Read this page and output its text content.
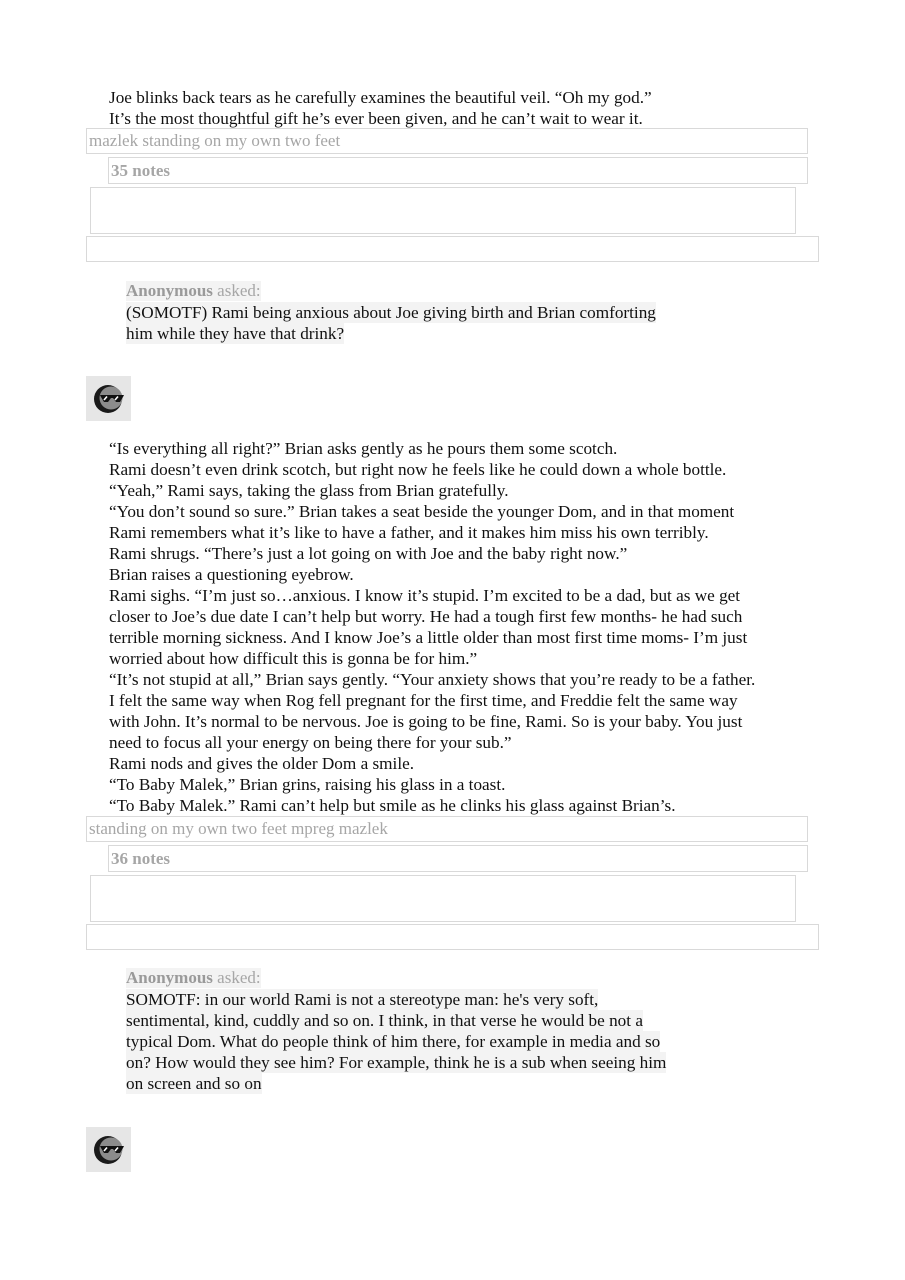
Joe blinks back tears as he carefully examines the beautiful veil. “Oh my god.”
It’s the most thoughtful gift he’s ever been given, and he can’t wait to wear it.
mazlek standing on my own two feet
35 notes
Anonymous asked:
(SOMOTF) Rami being anxious about Joe giving birth and Brian comforting
him while they have that drink?
“Is everything all right?” Brian asks gently as he pours them some scotch.
Rami doesn’t even drink scotch, but right now he feels like he could down a whole bottle.
“Yeah,” Rami says, taking the glass from Brian gratefully.
“You don’t sound so sure.” Brian takes a seat beside the younger Dom, and in that moment
Rami remembers what it’s like to have a father, and it makes him miss his own terribly.
Rami shrugs. “There’s just a lot going on with Joe and the baby right now.”
Brian raises a questioning eyebrow.
Rami sighs. “I’m just so…anxious. I know it’s stupid. I’m excited to be a dad, but as we get
closer to Joe’s due date I can’t help but worry. He had a tough first few months- he had such
terrible morning sickness. And I know Joe’s a little older than most first time moms- I’m just
worried about how difficult this is gonna be for him.”
“It’s not stupid at all,” Brian says gently. “Your anxiety shows that you’re ready to be a father.
I felt the same way when Rog fell pregnant for the first time, and Freddie felt the same way
with John. It’s normal to be nervous. Joe is going to be fine, Rami. So is your baby. You just
need to focus all your energy on being there for your sub.”
Rami nods and gives the older Dom a smile.
“To Baby Malek,” Brian grins, raising his glass in a toast.
“To Baby Malek.” Rami can’t help but smile as he clinks his glass against Brian’s.
standing on my own two feet mpreg mazlek
36 notes
Anonymous asked:
SOMOTF: in our world Rami is not a stereotype man: he's very soft,
sentimental, kind, cuddly and so on. I think, in that verse he would be not a
typical Dom. What do people think of him there, for example in media and so
on? How would they see him? For example, think he is a sub when seeing him
on screen and so on
